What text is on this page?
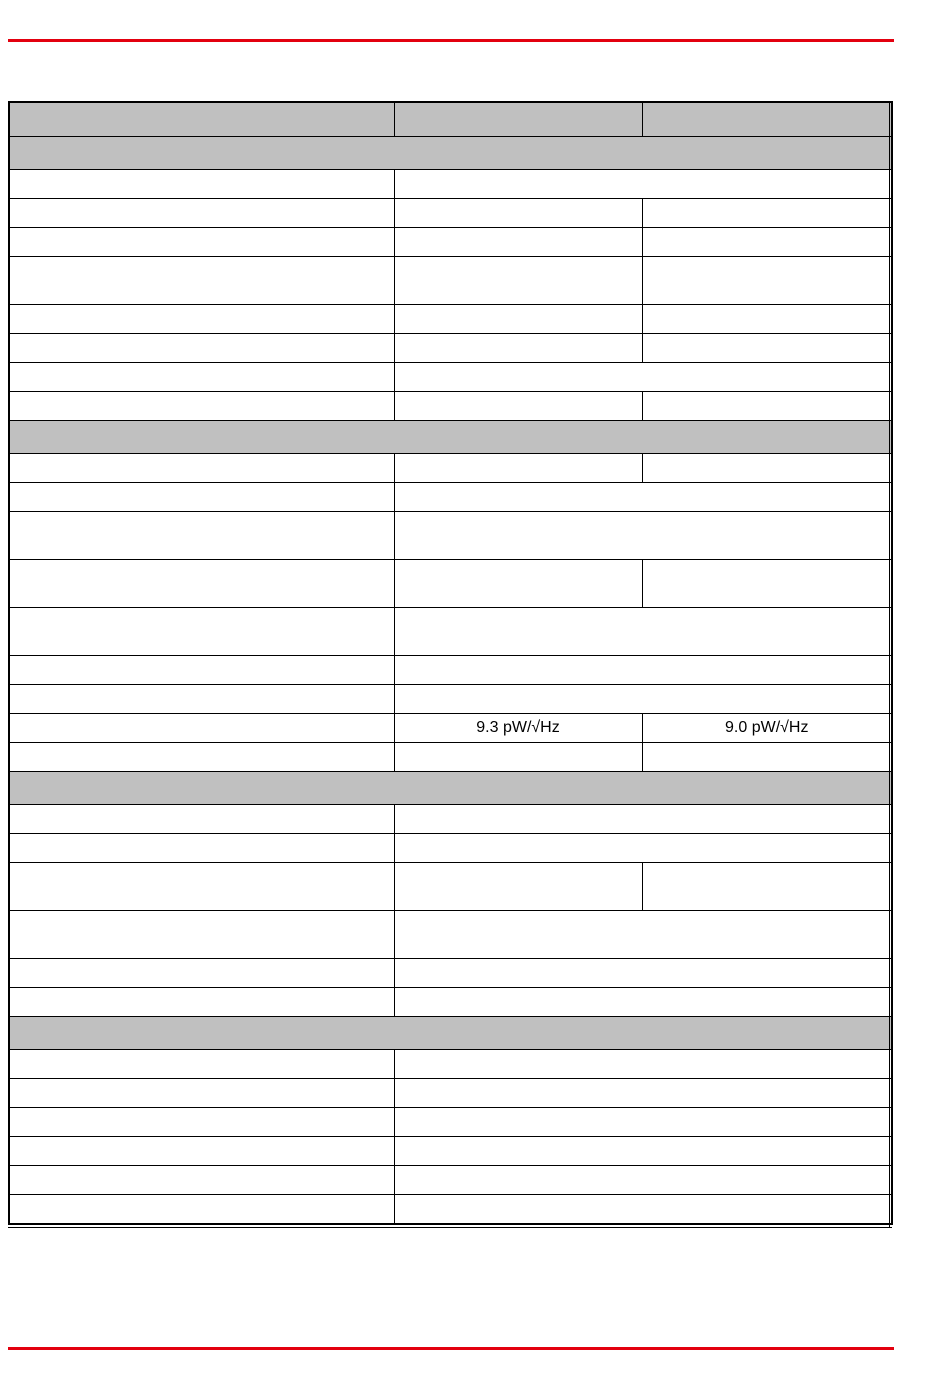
	9.3 pW/√Hz	9.0 pW/√Hz
